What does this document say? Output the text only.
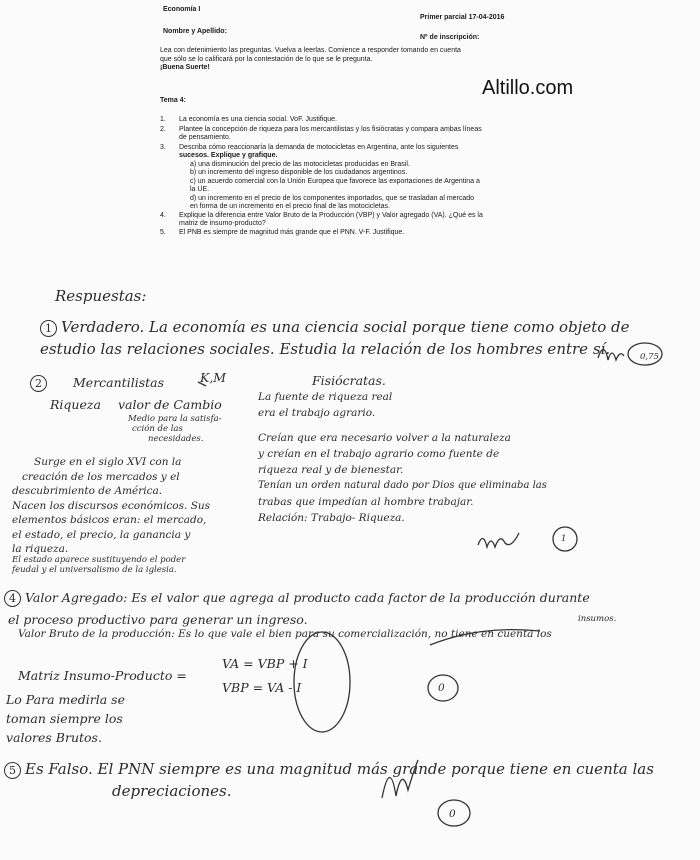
Economía I
Primer parcial 17-04-2016
Nombre y Apellido:
Nº de inscripción:
Lea con detenimiento las preguntas. Vuelva a leerlas. Comience a responder tomando en cuenta
que sólo se lo calificará por la contestación de lo que se le pregunta.
¡Buena Suerte!
Altillo.com
Tema 4:
1.	La economía es una ciencia social. VoF. Justifique.
2.	Plantee la concepción de riqueza para los mercantilistas y los fisiócratas y compara ambas líneas
de pensamiento.
3.	Describa cómo reaccionaría la demanda de motocicletas en Argentina, ante los siguientes
sucesos. Explique y grafique.
a) una disminución del precio de las motocicletas producidas en Brasil.
b) un incremento del ingreso disponible de los ciudadanos argentinos.
c) un acuerdo comercial con la Unión Europea que favorece las exportaciones de Argentina a
la UE.
d) un incremento en el precio de los componentes importados, que se trasladan al mercado
en forma de un incremento en el precio final de las motocicletas.
4.	Explique la diferencia entre Valor Bruto de la Producción (VBP) y Valor agregado (VA). ¿Qué es la
matriz de insumo-producto?
5.	El PNB es siempre de magnitud más grande que el PNN. V-F. Justifique.
Respuestas:
1 Verdadero. La economía es una ciencia social porque tiene como objeto de
estudio las relaciones sociales. Estudia la relación de los hombres entre sí.	0,75
2 Mercantilistas	K,M
Riqueza valor de Cambio
Medio para la satisfa-
cción de las
necesidades.
Surge en el siglo XVI con la
creación de los mercados y el
descubrimiento de América.
Nacen los discursos económicos. Sus
elementos básicos eran: el mercado,
el estado, el precio, la ganancia y
la riqueza.
El estado aparece sustituyendo el poder
feudal y el universalismo de la iglesia.
Fisiócratas.
La fuente de riqueza real
era el trabajo agrario.
Creían que era necesario volver a la naturaleza
y creían en el trabajo agrario como fuente de
riqueza real y de bienestar.
Tenían un orden natural dado por Dios que eliminaba las
trabas que impedían al hombre trabajar.
Relación: Trabajo- Riqueza.
1
4 Valor Agregado: Es el valor que agrega al producto cada factor de la producción durante
el proceso productivo para generar un ingreso.
Valor Bruto de la producción: Es lo que vale el bien para su comercialización, no tiene en cuenta los
insumos.
Matriz Insumo-Producto =
VA = VBP + I
VBP = VA - I
Lo Para medirla se
toman siempre los
valores Brutos.
0
5 Es Falso. El PNN siempre es una magnitud más grande porque tiene en cuenta las
depreciaciones.
0
